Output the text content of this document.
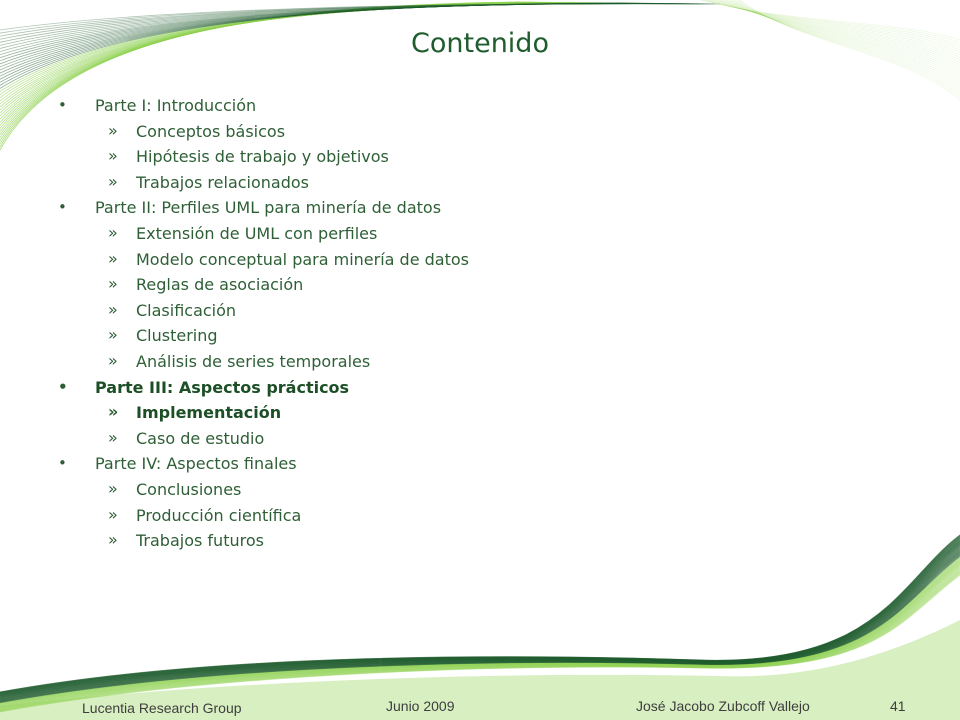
Contenido
• Parte I: Introducción
» Conceptos básicos
» Hipótesis de trabajo y objetivos
» Trabajos relacionados
• Parte II: Perfiles UML para minería de datos
» Extensión de UML con perfiles
» Modelo conceptual para minería de datos
» Reglas de asociación
» Clasificación
» Clustering
» Análisis de series temporales
• Parte III: Aspectos prácticos
» Implementación
» Caso de estudio
• Parte IV: Aspectos finales
» Conclusiones
» Producción científica
» Trabajos futuros
Lucentia Research Group	Junio 2009	José Jacobo Zubcoff Vallejo	41
